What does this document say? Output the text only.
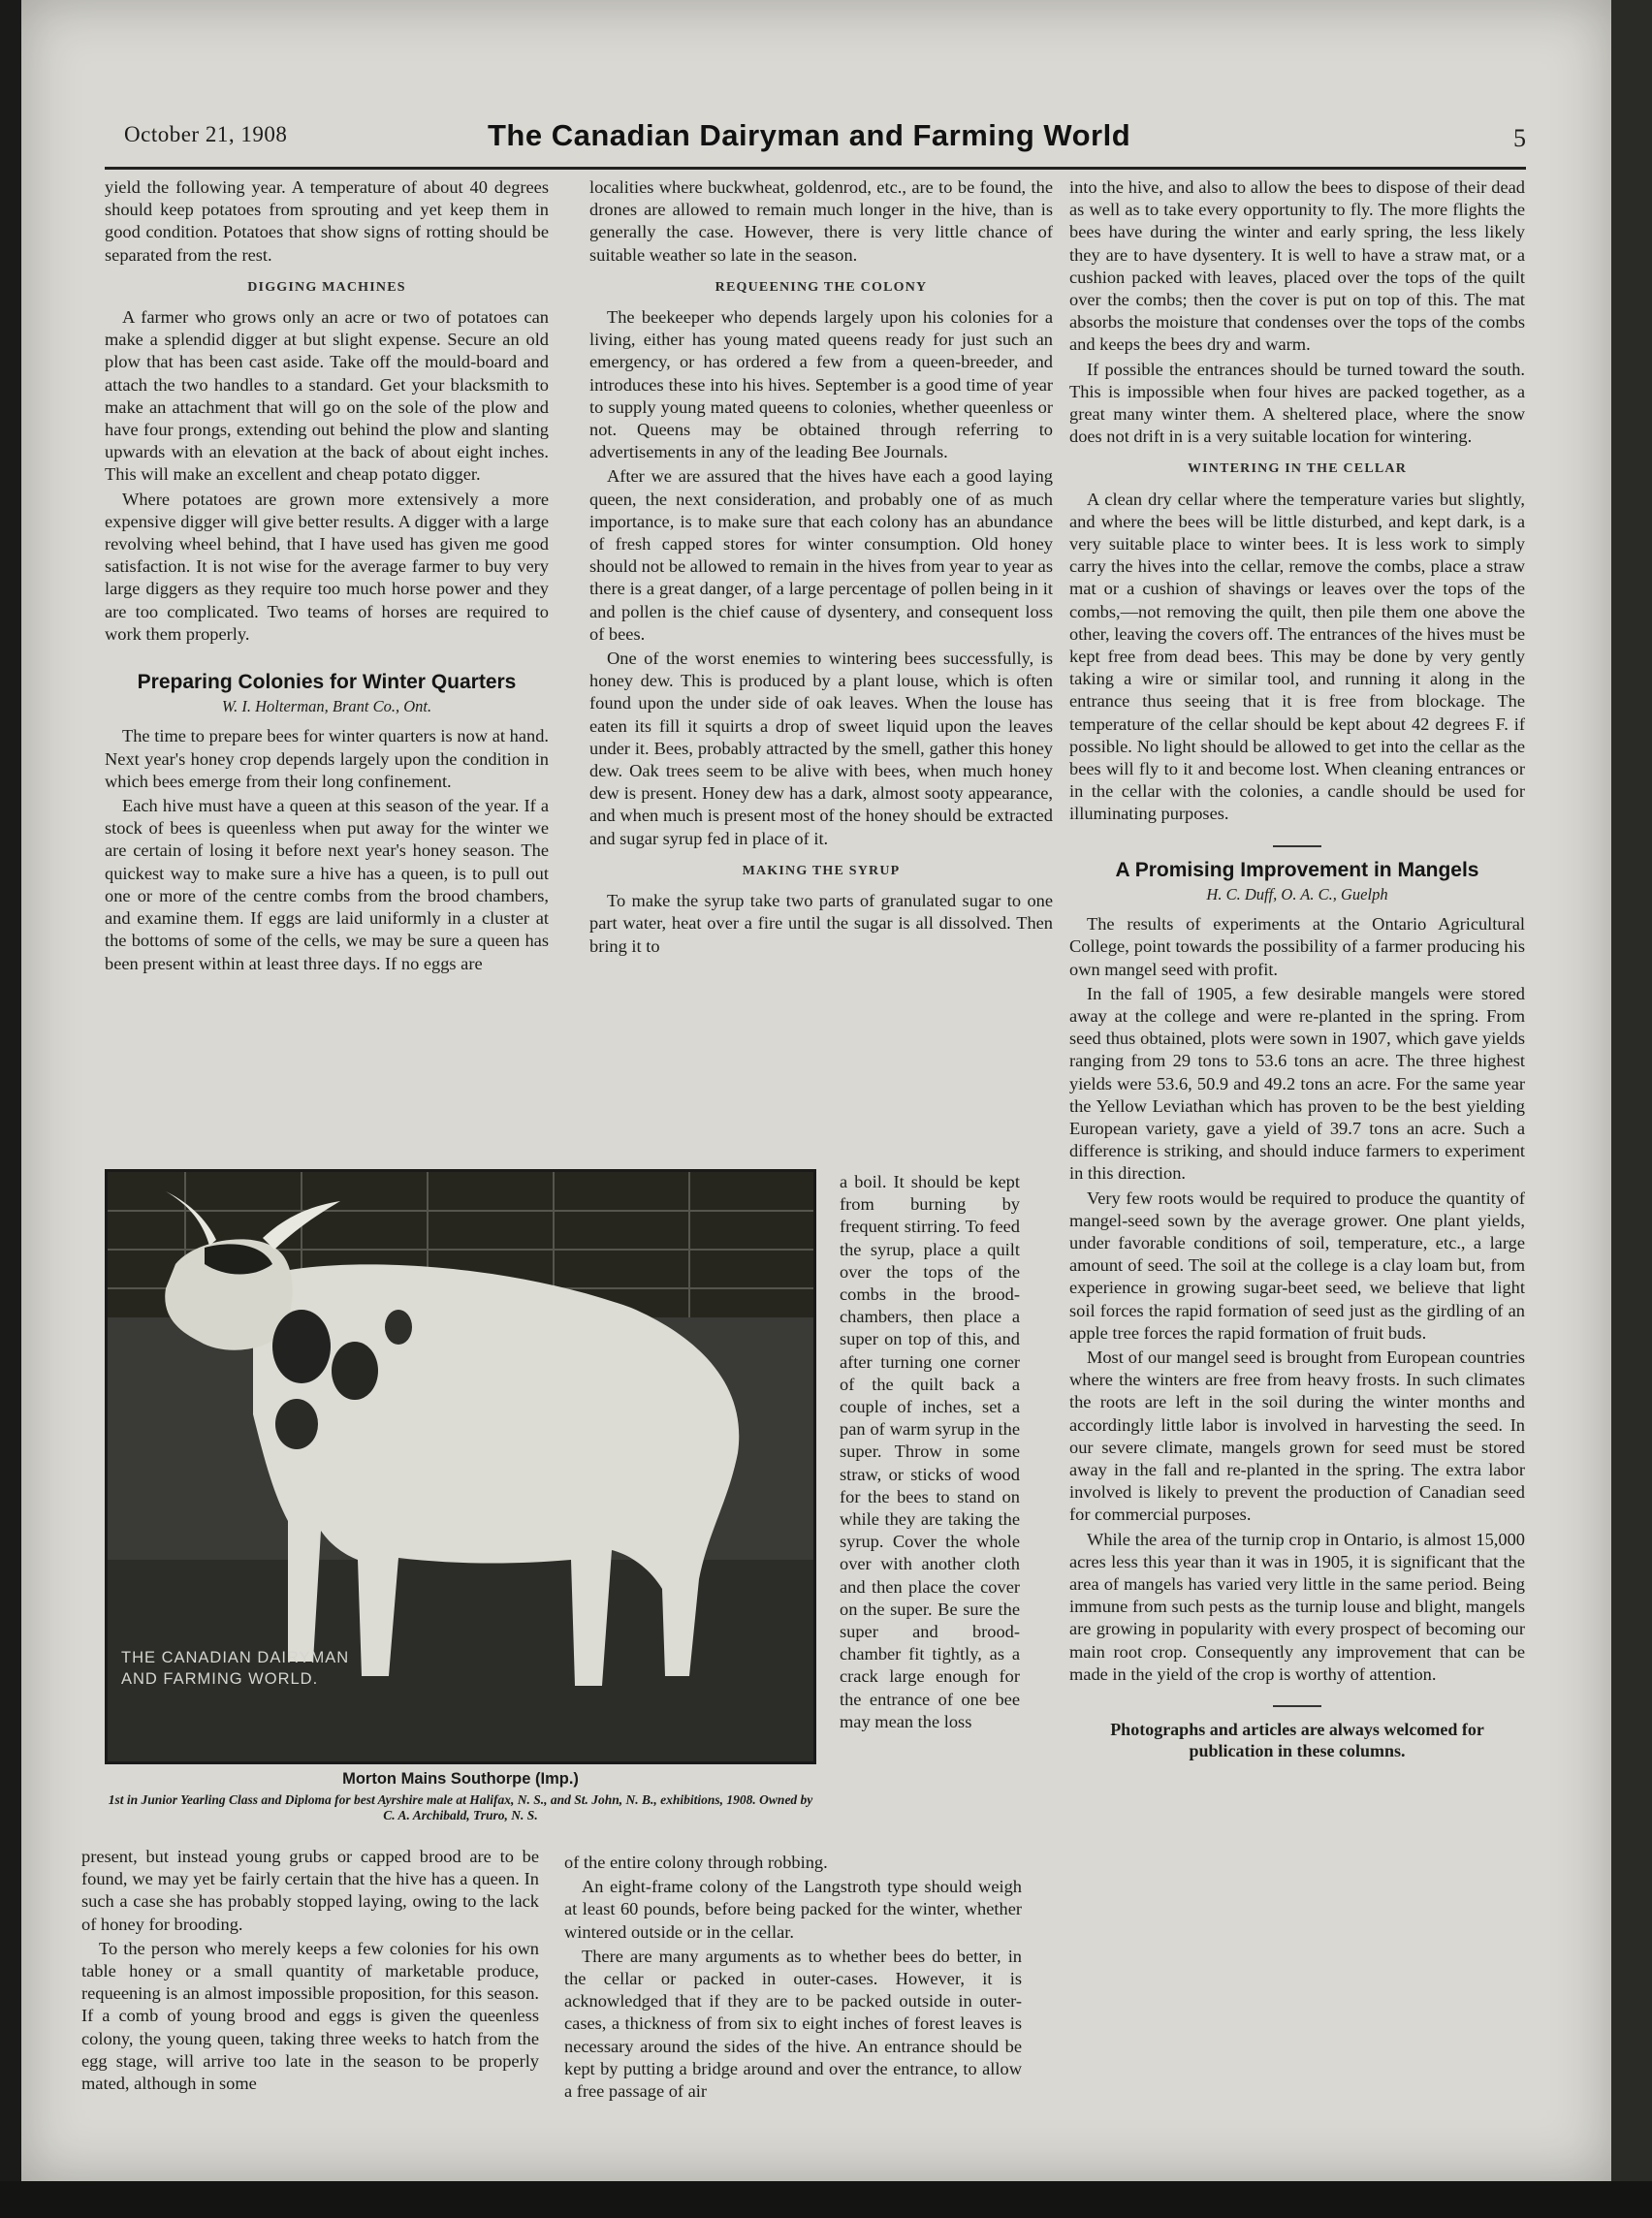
October 21, 1908	The Canadian Dairyman and Farming World	5

yield the following year. A temperature of about 40 degrees should keep potatoes from sprouting and yet keep them in good condition. Potatoes that show signs of rotting should be separated from the rest.

DIGGING MACHINES

A farmer who grows only an acre or two of potatoes can make a splendid digger at but slight expense. Secure an old plow that has been cast aside. Take off the mould-board and attach the two handles to a standard. Get your blacksmith to make an attachment that will go on the sole of the plow and have four prongs, extending out behind the plow and slanting upwards with an elevation at the back of about eight inches. This will make an excellent and cheap potato digger.

Where potatoes are grown more extensively a more expensive digger will give better results. A digger with a large revolving wheel behind, that I have used has given me good satisfaction. It is not wise for the average farmer to buy very large diggers as they require too much horse power and they are too complicated. Two teams of horses are required to work them properly.

Preparing Colonies for Winter Quarters
W. I. Holterman, Brant Co., Ont.

The time to prepare bees for winter quarters is now at hand. Next year's honey crop depends largely upon the condition in which bees emerge from their long confinement.

Each hive must have a queen at this season of the year. If a stock of bees is queenless when put away for the winter we are certain of losing it before next year's honey season. The quickest way to make sure a hive has a queen, is to pull out one or more of the centre combs from the brood chambers, and examine them. If eggs are laid uniformly in a cluster at the bottoms of some of the cells, we may be sure a queen has been present within at least three days. If no eggs are

localities where buckwheat, goldenrod, etc., are to be found, the drones are allowed to remain much longer in the hive, than is generally the case. However, there is very little chance of suitable weather so late in the season.

REQUEENING THE COLONY

The beekeeper who depends largely upon his colonies for a living, either has young mated queens ready for just such an emergency, or has ordered a few from a queen-breeder, and introduces these into his hives. September is a good time of year to supply young mated queens to colonies, whether queenless or not. Queens may be obtained through referring to advertisements in any of the leading Bee Journals.

After we are assured that the hives have each a good laying queen, the next consideration, and probably one of as much importance, is to make sure that each colony has an abundance of fresh capped stores for winter consumption. Old honey should not be allowed to remain in the hives from year to year as there is a great danger, of a large percentage of pollen being in it and pollen is the chief cause of dysentery, and consequent loss of bees.

One of the worst enemies to wintering bees successfully, is honey dew. This is produced by a plant louse, which is often found upon the under side of oak leaves. When the louse has eaten its fill it squirts a drop of sweet liquid upon the leaves under it. Bees, probably attracted by the smell, gather this honey dew. Oak trees seem to be alive with bees, when much honey dew is present. Honey dew has a dark, almost sooty appearance, and when much is present most of the honey should be extracted and sugar syrup fed in place of it.

MAKING THE SYRUP

To make the syrup take two parts of granulated sugar to one part water, heat over a fire until the sugar is all dissolved. Then bring it to

THE CANADIAN DAIRYMAN
AND FARMING WORLD.
Morton Mains Southorpe (Imp.)
1st in Junior Yearling Class and Diploma for best Ayrshire male at Halifax, N. S., and St. John, N. B., exhibitions, 1908. Owned by C. A. Archibald, Truro, N. S.

a boil. It should be kept from burning by frequent stirring. To feed the syrup, place a quilt over the tops of the combs in the brood-chambers, then place a super on top of this, and after turning one corner of the quilt back a couple of inches, set a pan of warm syrup in the super. Throw in some straw, or sticks of wood for the bees to stand on while they are taking the syrup. Cover the whole over with another cloth and then place the cover on the super. Be sure the super and brood-chamber fit tightly, as a crack large enough for the entrance of one bee may mean the loss

present, but instead young grubs or capped brood are to be found, we may yet be fairly certain that the hive has a queen. In such a case she has probably stopped laying, owing to the lack of honey for brooding.

To the person who merely keeps a few colonies for his own table honey or a small quantity of marketable produce, requeening is an almost impossible proposition, for this season. If a comb of young brood and eggs is given the queenless colony, the young queen, taking three weeks to hatch from the egg stage, will arrive too late in the season to be properly mated, although in some

of the entire colony through robbing.

An eight-frame colony of the Langstroth type should weigh at least 60 pounds, before being packed for the winter, whether wintered outside or in the cellar.

There are many arguments as to whether bees do better, in the cellar or packed in outer-cases. However, it is acknowledged that if they are to be packed outside in outer-cases, a thickness of from six to eight inches of forest leaves is necessary around the sides of the hive. An entrance should be kept by putting a bridge around and over the entrance, to allow a free passage of air

into the hive, and also to allow the bees to dispose of their dead as well as to take every opportunity to fly. The more flights the bees have during the winter and early spring, the less likely they are to have dysentery. It is well to have a straw mat, or a cushion packed with leaves, placed over the tops of the quilt over the combs; then the cover is put on top of this. The mat absorbs the moisture that condenses over the tops of the combs and keeps the bees dry and warm.

If possible the entrances should be turned toward the south. This is impossible when four hives are packed together, as a great many winter them. A sheltered place, where the snow does not drift in is a very suitable location for wintering.

WINTERING IN THE CELLAR

A clean dry cellar where the temperature varies but slightly, and where the bees will be little disturbed, and kept dark, is a very suitable place to winter bees. It is less work to simply carry the hives into the cellar, remove the combs, place a straw mat or a cushion of shavings or leaves over the tops of the combs,—not removing the quilt, then pile them one above the other, leaving the covers off. The entrances of the hives must be kept free from dead bees. This may be done by very gently taking a wire or similar tool, and running it along in the entrance thus seeing that it is free from blockage. The temperature of the cellar should be kept about 42 degrees F. if possible. No light should be allowed to get into the cellar as the bees will fly to it and become lost. When cleaning entrances or in the cellar with the colonies, a candle should be used for illuminating purposes.

A Promising Improvement in Mangels
H. C. Duff, O. A. C., Guelph

The results of experiments at the Ontario Agricultural College, point towards the possibility of a farmer producing his own mangel seed with profit.

In the fall of 1905, a few desirable mangels were stored away at the college and were re-planted in the spring. From seed thus obtained, plots were sown in 1907, which gave yields ranging from 29 tons to 53.6 tons an acre. The three highest yields were 53.6, 50.9 and 49.2 tons an acre. For the same year the Yellow Leviathan which has proven to be the best yielding European variety, gave a yield of 39.7 tons an acre. Such a difference is striking, and should induce farmers to experiment in this direction.

Very few roots would be required to produce the quantity of mangel-seed sown by the average grower. One plant yields, under favorable conditions of soil, temperature, etc., a large amount of seed. The soil at the college is a clay loam but, from experience in growing sugar-beet seed, we believe that light soil forces the rapid formation of seed just as the girdling of an apple tree forces the rapid formation of fruit buds.

Most of our mangel seed is brought from European countries where the winters are free from heavy frosts. In such climates the roots are left in the soil during the winter months and accordingly little labor is involved in harvesting the seed. In our severe climate, mangels grown for seed must be stored away in the fall and re-planted in the spring. The extra labor involved is likely to prevent the production of Canadian seed for commercial purposes.

While the area of the turnip crop in Ontario, is almost 15,000 acres less this year than it was in 1905, it is significant that the area of mangels has varied very little in the same period. Being immune from such pests as the turnip louse and blight, mangels are growing in popularity with every prospect of becoming our main root crop. Consequently any improvement that can be made in the yield of the crop is worthy of attention.

Photographs and articles are always welcomed for publication in these columns.
